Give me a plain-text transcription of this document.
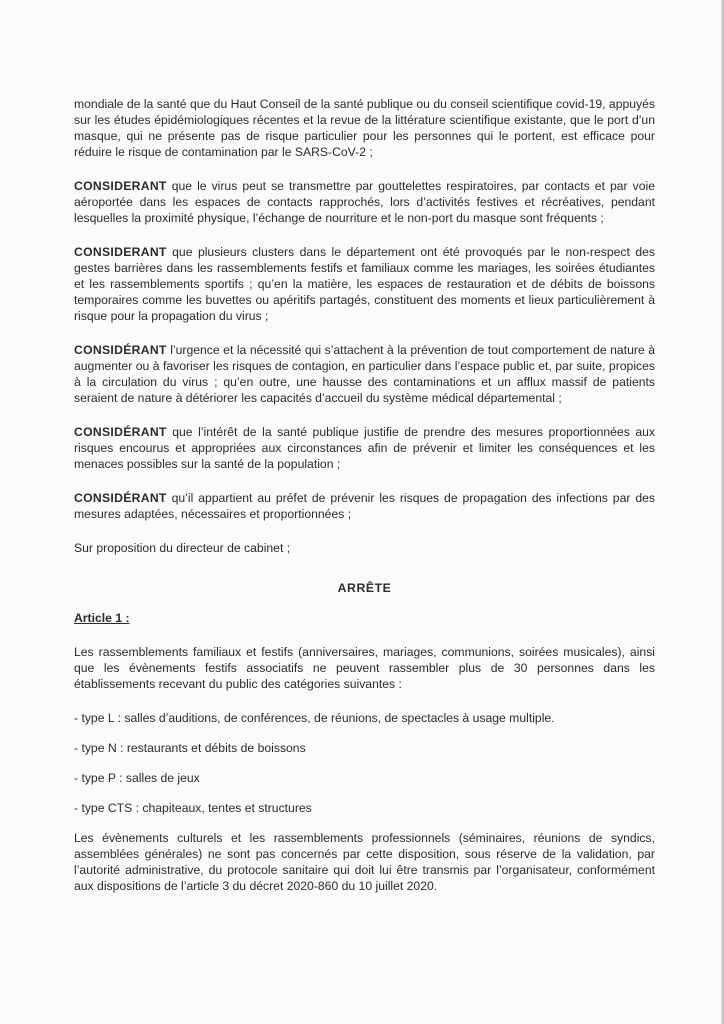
mondiale de la santé que du Haut Conseil de la santé publique ou du conseil scientifique covid-19, appuyés sur les études épidémiologiques récentes et la revue de la littérature scientifique existante, que le port d’un masque, qui ne présente pas de risque particulier pour les personnes qui le portent, est efficace pour réduire le risque de contamination par le SARS-CoV-2 ;

CONSIDERANT que le virus peut se transmettre par gouttelettes respiratoires, par contacts et par voie aéroportée dans les espaces de contacts rapprochés, lors d’activités festives et récréatives, pendant lesquelles la proximité physique, l’échange de nourriture et le non-port du masque sont fréquents ;

CONSIDERANT que plusieurs clusters dans le département ont été provoqués par le non-respect des gestes barrières dans les rassemblements festifs et familiaux comme les mariages, les soirées étudiantes et les rassemblements sportifs ; qu’en la matière, les espaces de restauration et de débits de boissons temporaires comme les buvettes ou apéritifs partagés, constituent des moments et lieux particulièrement à risque pour la propagation du virus ;

CONSIDÉRANT l’urgence et la nécessité qui s’attachent à la prévention de tout comportement de nature à augmenter ou à favoriser les risques de contagion, en particulier dans l’espace public et, par suite, propices à la circulation du virus ; qu’en outre, une hausse des contaminations et un afflux massif de patients seraient de nature à détériorer les capacités d’accueil du système médical départemental ;

CONSIDÉRANT que l’intérêt de la santé publique justifie de prendre des mesures proportionnées aux risques encourus et appropriées aux circonstances afin de prévenir et limiter les conséquences et les menaces possibles sur la santé de la population ;

CONSIDÉRANT qu’il appartient au préfet de prévenir les risques de propagation des infections par des mesures adaptées, nécessaires et proportionnées ;

Sur proposition du directeur de cabinet ;

ARRÊTE
Article 1 :

Les rassemblements familiaux et festifs (anniversaires, mariages, communions, soirées musicales), ainsi que les évènements festifs associatifs ne peuvent rassembler plus de 30 personnes dans les établissements recevant du public des catégories suivantes :

- type L : salles d’auditions, de conférences, de réunions, de spectacles à usage multiple.
- type N : restaurants et débits de boissons
- type P : salles de jeux
- type CTS : chapiteaux, tentes et structures

Les évènements culturels et les rassemblements professionnels (séminaires, réunions de syndics, assemblées générales) ne sont pas concernés par cette disposition, sous réserve de la validation, par l’autorité administrative, du protocole sanitaire qui doit lui être transmis par l’organisateur, conformément aux dispositions de l’article 3 du décret 2020-860 du 10 juillet 2020.
